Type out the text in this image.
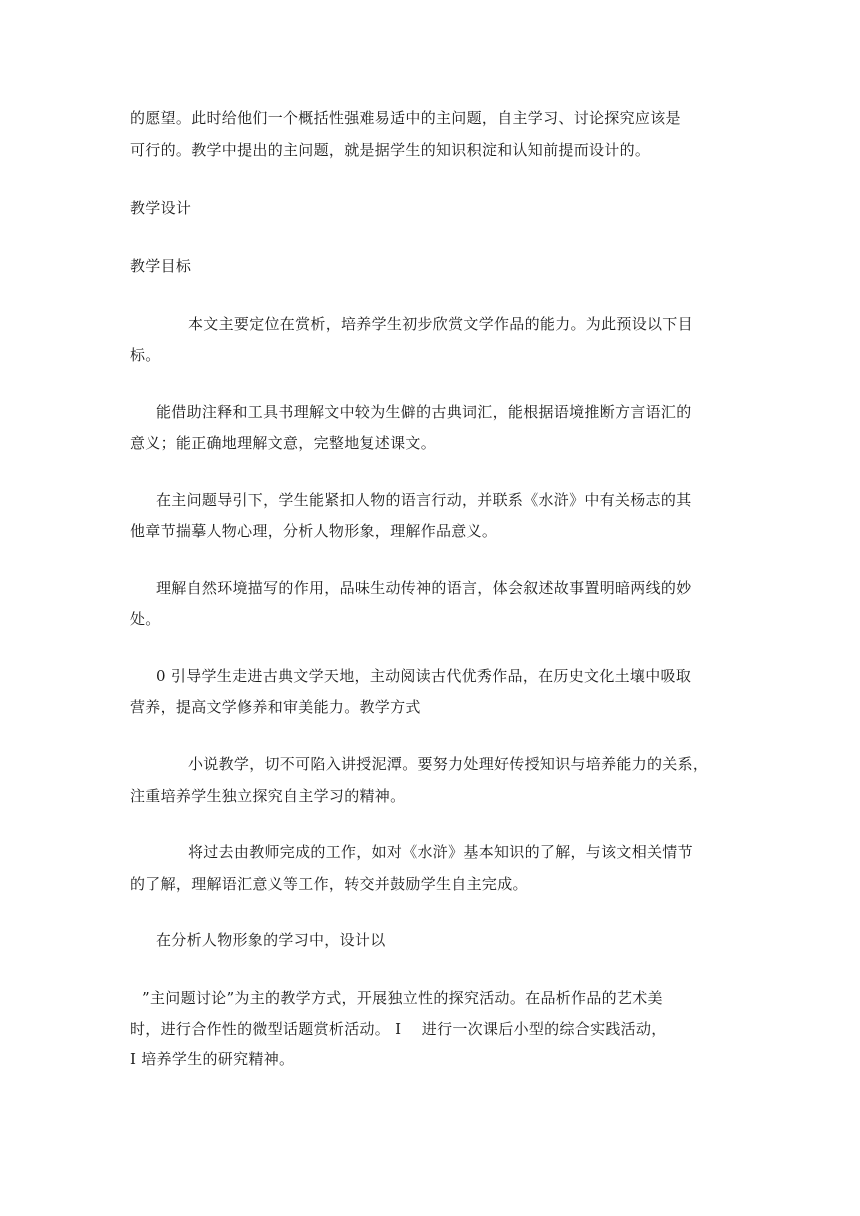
的愿望。此时给他们一个概括性强难易适中的主问题，自主学习、讨论探究应该是
可行的。教学中提出的主问题，就是据学生的知识积淀和认知前提而设计的。
教学设计
教学目标
本文主要定位在赏析，培养学生初步欣赏文学作品的能力。为此预设以下目
标。
能借助注释和工具书理解文中较为生僻的古典词汇，能根据语境推断方言语汇的
意义；能正确地理解文意，完整地复述课文。
在主问题导引下，学生能紧扣人物的语言行动，并联系《水浒》中有关杨志的其
他章节揣摹人物心理，分析人物形象，理解作品意义。
理解自然环境描写的作用，品味生动传神的语言，体会叙述故事置明暗两线的妙
处。
0 引导学生走进古典文学天地，主动阅读古代优秀作品，在历史文化土壤中吸取
营养，提高文学修养和审美能力。教学方式
小说教学，切不可陷入讲授泥潭。要努力处理好传授知识与培养能力的关系，
注重培养学生独立探究自主学习的精神。
将过去由教师完成的工作，如对《水浒》基本知识的了解，与该文相关情节
的了解，理解语汇意义等工作，转交并鼓励学生自主完成。
在分析人物形象的学习中，设计以
”主问题讨论”为主的教学方式，开展独立性的探究活动。在品析作品的艺术美
时，进行合作性的微型话题赏析活动。 I　 进行一次课后小型的综合实践活动，
I 培养学生的研究精神。
